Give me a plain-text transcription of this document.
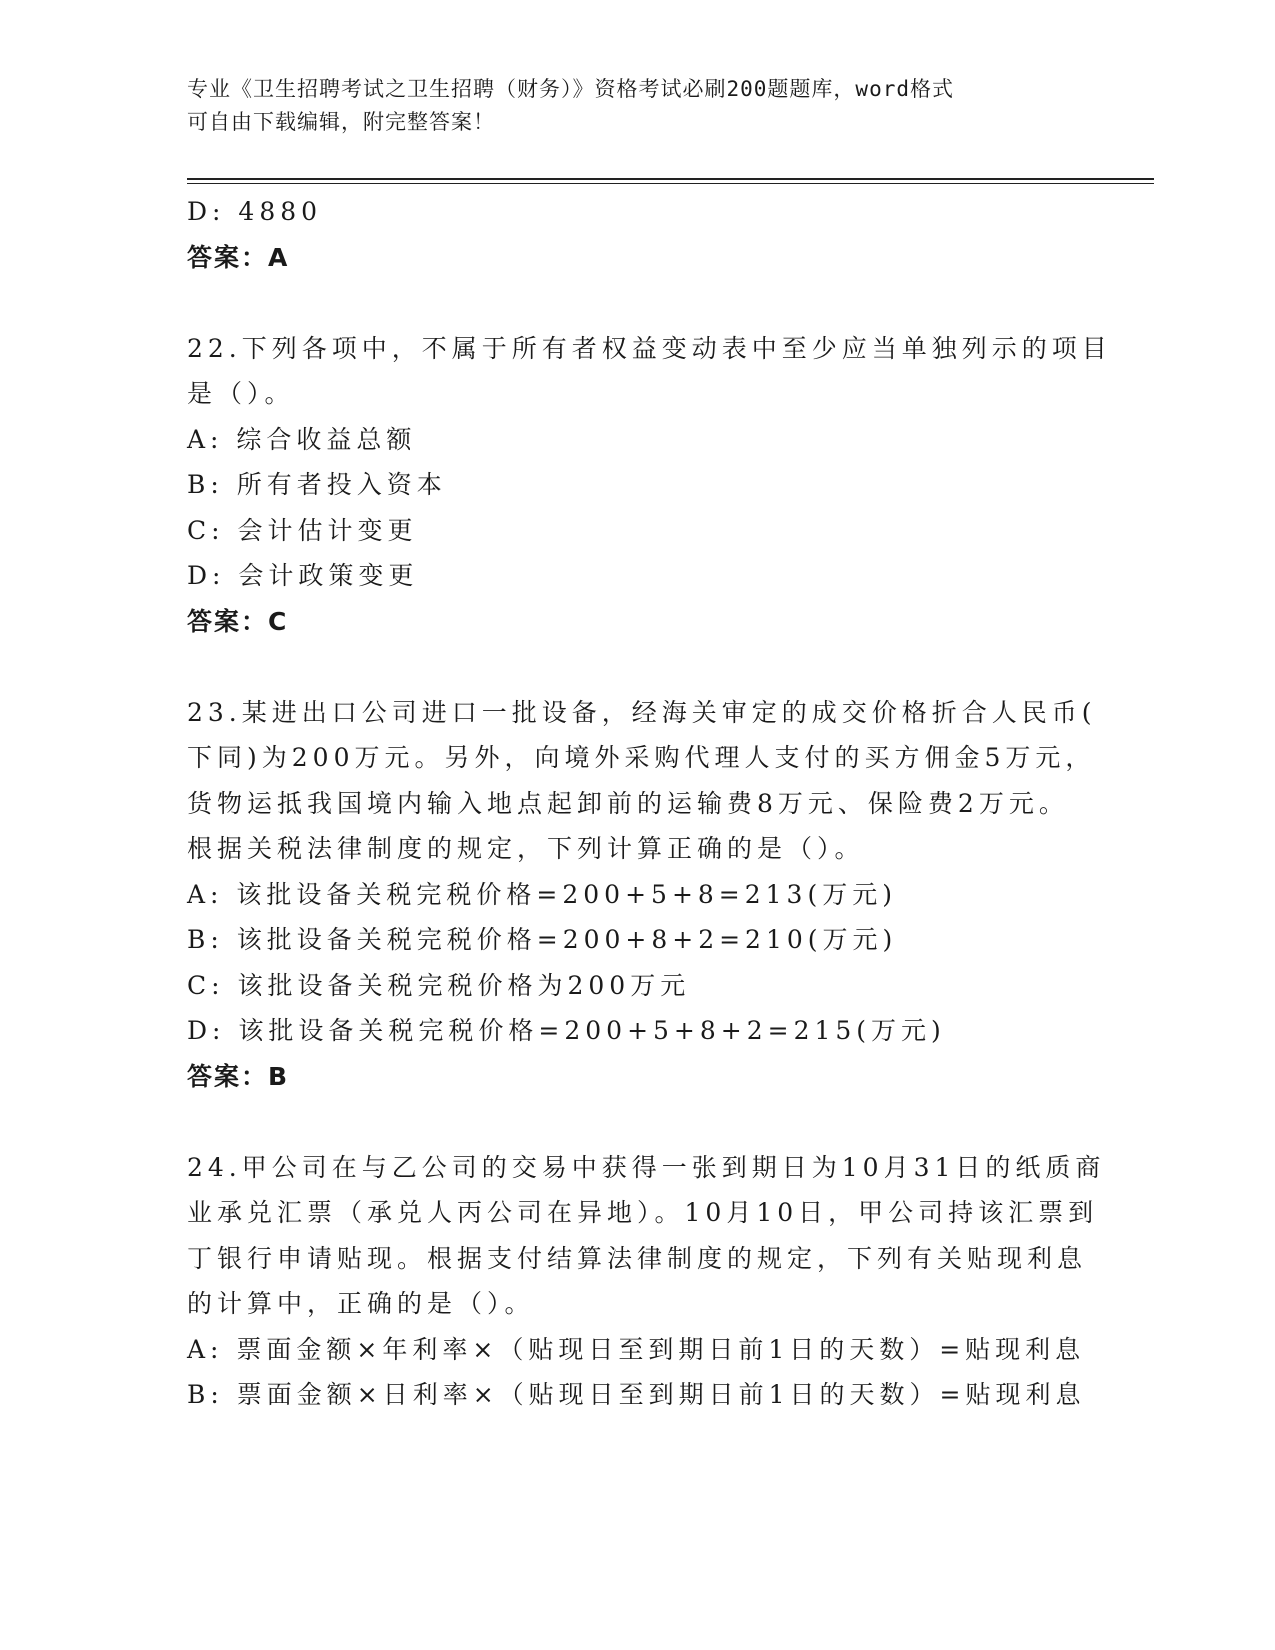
专业《卫生招聘考试之卫生招聘（财务）》资格考试必刷200题题库，word格式
可自由下载编辑，附完整答案！
D: 4880
答案：A
22.下列各项中，不属于所有者权益变动表中至少应当单独列示的项目
是（）。
A: 综合收益总额
B: 所有者投入资本
C: 会计估计变更
D: 会计政策变更
答案：C
23.某进出口公司进口一批设备，经海关审定的成交价格折合人民币(
下同)为200万元。另外，向境外采购代理人支付的买方佣金5万元，
货物运抵我国境内输入地点起卸前的运输费8万元、保险费2万元。
根据关税法律制度的规定，下列计算正确的是（）。
A: 该批设备关税完税价格=200+5+8=213(万元)
B: 该批设备关税完税价格=200+8+2=210(万元)
C: 该批设备关税完税价格为200万元
D: 该批设备关税完税价格=200+5+8+2=215(万元)
答案：B
24.甲公司在与乙公司的交易中获得一张到期日为10月31日的纸质商
业承兑汇票（承兑人丙公司在异地）。10月10日，甲公司持该汇票到
丁银行申请贴现。根据支付结算法律制度的规定，下列有关贴现利息
的计算中，正确的是（）。
A: 票面金额×年利率×（贴现日至到期日前1日的天数）=贴现利息
B: 票面金额×日利率×（贴现日至到期日前1日的天数）=贴现利息
